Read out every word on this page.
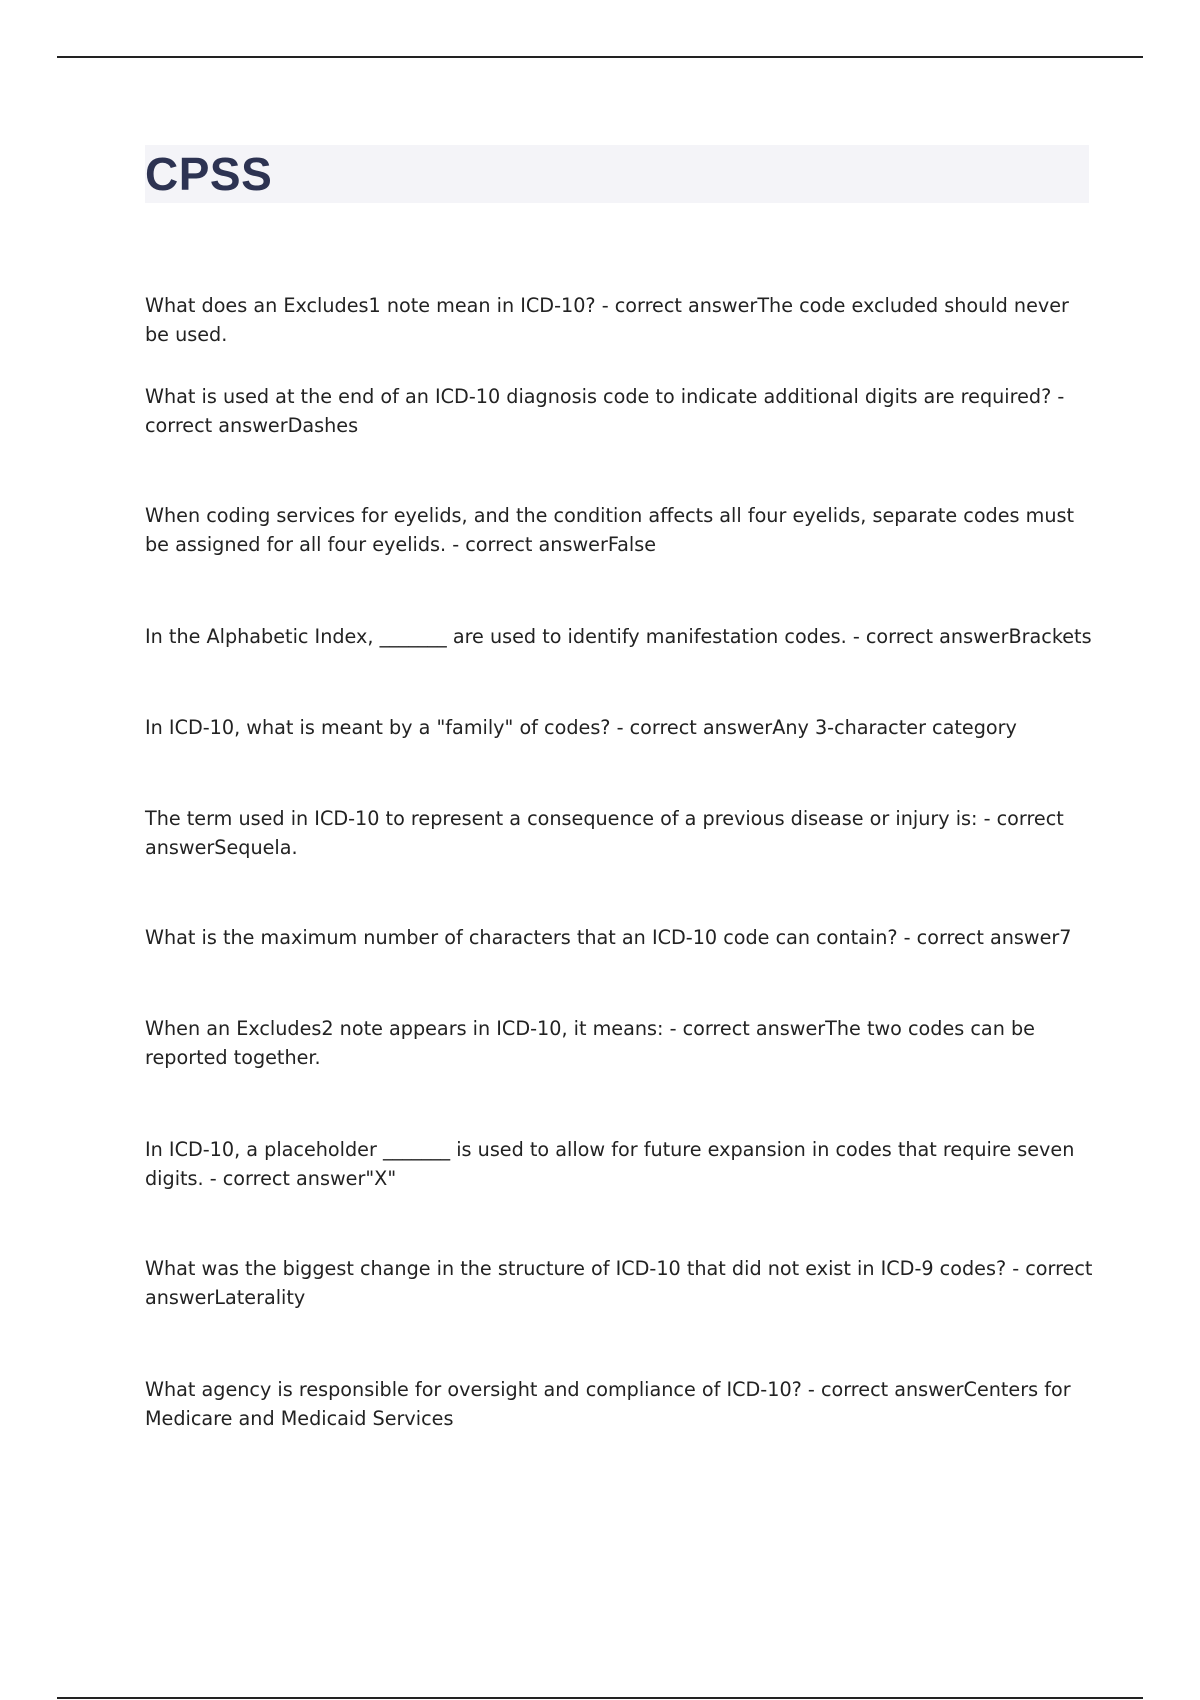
CPSS

What does an Excludes1 note mean in ICD-10? - correct answerThe code excluded should never be used.

What is used at the end of an ICD-10 diagnosis code to indicate additional digits are required? - correct answerDashes

When coding services for eyelids, and the condition affects all four eyelids, separate codes must be assigned for all four eyelids. - correct answerFalse

In the Alphabetic Index, _______ are used to identify manifestation codes. - correct answerBrackets

In ICD-10, what is meant by a "family" of codes? - correct answerAny 3-character category

The term used in ICD-10 to represent a consequence of a previous disease or injury is: - correct answerSequela.

What is the maximum number of characters that an ICD-10 code can contain? - correct answer7

When an Excludes2 note appears in ICD-10, it means: - correct answerThe two codes can be reported together.

In ICD-10, a placeholder _______ is used to allow for future expansion in codes that require seven digits. - correct answer"X"

What was the biggest change in the structure of ICD-10 that did not exist in ICD-9 codes? - correct answerLaterality

What agency is responsible for oversight and compliance of ICD-10? - correct answerCenters for Medicare and Medicaid Services
